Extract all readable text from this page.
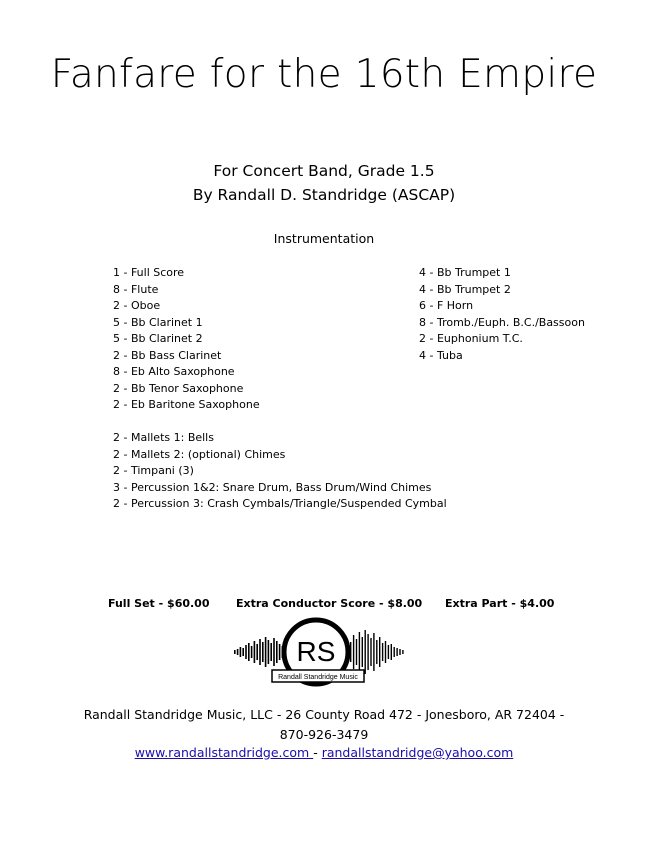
Fanfare for the 16th Empire
For Concert Band, Grade 1.5
By Randall D. Standridge (ASCAP)
Instrumentation
1 - Full Score
8 - Flute
2 - Oboe
5 - Bb Clarinet 1
5 - Bb Clarinet 2
2 - Bb Bass Clarinet
8 - Eb Alto Saxophone
2 - Bb Tenor Saxophone
2 - Eb Baritone Saxophone
4 - Bb Trumpet 1
4 - Bb Trumpet 2
6 - F Horn
8 - Tromb./Euph. B.C./Bassoon
2 - Euphonium T.C.
4 - Tuba
2 - Mallets 1: Bells
2 - Mallets 2: (optional) Chimes
2 - Timpani (3)
3 - Percussion 1&2: Snare Drum, Bass Drum/Wind Chimes
2 - Percussion 3: Crash Cymbals/Triangle/Suspended Cymbal
Full Set - $60.00 Extra Conductor Score - $8.00 Extra Part - $4.00
RS
Randall Standridge Music
Randall Standridge Music, LLC - 26 County Road 472 - Jonesboro, AR 72404 -
870-926-3479
www.randallstandridge.com - randallstandridge@yahoo.com
